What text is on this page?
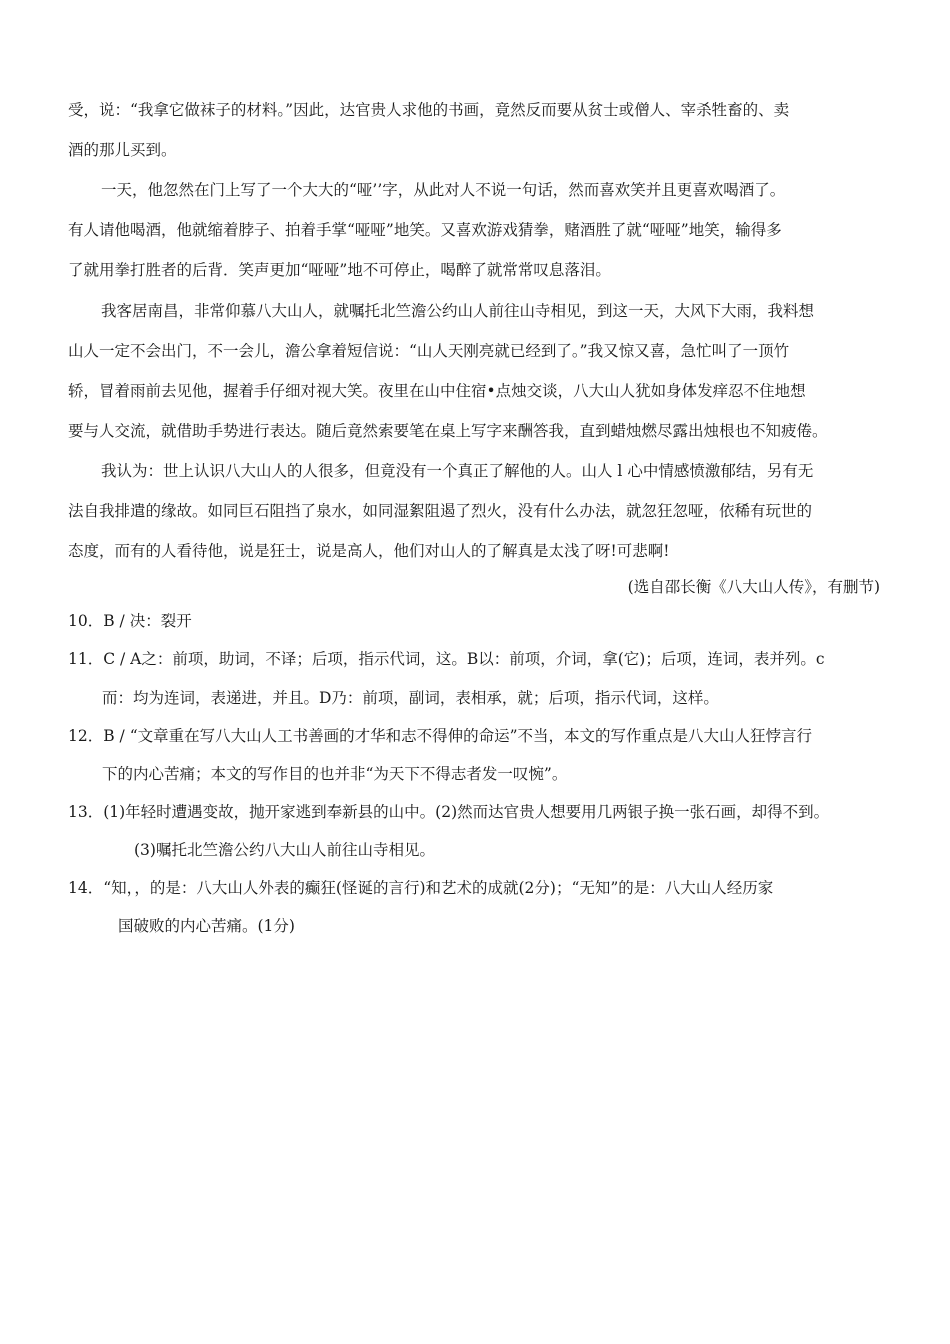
受，说：“我拿它做袜子的材料。”因此，达官贵人求他的书画，竟然反而要从贫士或僧人、宰杀牲畜的、卖
酒的那儿买到。
一天，他忽然在门上写了一个大大的“哑’’字，从此对人不说一句话，然而喜欢笑并且更喜欢喝酒了。
有人请他喝酒，他就缩着脖子、拍着手掌“哑哑”地笑。又喜欢游戏猜拳，赌酒胜了就“哑哑”地笑，输得多
了就用拳打胜者的后背．笑声更加“哑哑”地不可停止，喝醉了就常常叹息落泪。
我客居南昌，非常仰慕八大山人，就嘱托北竺澹公约山人前往山寺相见，到这一天，大风下大雨，我料想
山人一定不会出门，不一会儿，澹公拿着短信说：“山人天刚亮就已经到了。”我又惊又喜，急忙叫了一顶竹
轿，冒着雨前去见他，握着手仔细对视大笑。夜里在山中住宿•点烛交谈，八大山人犹如身体发痒忍不住地想
要与人交流，就借助手势进行表达。随后竟然索要笔在桌上写字来酬答我，直到蜡烛燃尽露出烛根也不知疲倦。
我认为：世上认识八大山人的人很多，但竟没有一个真正了解他的人。山人 l 心中情感愤激郁结，另有无
法自我排遣的缘故。如同巨石阻挡了泉水，如同湿絮阻遏了烈火，没有什么办法，就忽狂忽哑，依稀有玩世的
态度，而有的人看待他，说是狂士，说是高人，他们对山人的了解真是太浅了呀!可悲啊!
(选自邵长衡《八大山人传》，有删节)
10．B / 决：裂开
11．C / A之：前项，助词，不译；后项，指示代词，这。B以：前项，介词，拿(它)；后项，连词，表并列。c
而：均为连词，表递进，并且。D乃：前项，副词，表相承，就；后项，指示代词，这样。
12．B / “文章重在写八大山人工书善画的才华和志不得伸的命运”不当，本文的写作重点是八大山人狂悖言行
下的内心苦痛；本文的写作目的也并非“为天下不得志者发一叹惋”。
13．(1)年轻时遭遇变故，抛开家逃到奉新县的山中。(2)然而达官贵人想要用几两银子换一张石画，却得不到。
(3)嘱托北竺澹公约八大山人前往山寺相见。
14．“知，，的是：八大山人外表的癫狂(怪诞的言行)和艺术的成就(2分)；“无知”的是：八大山人经历家
国破败的内心苦痛。(1分)
